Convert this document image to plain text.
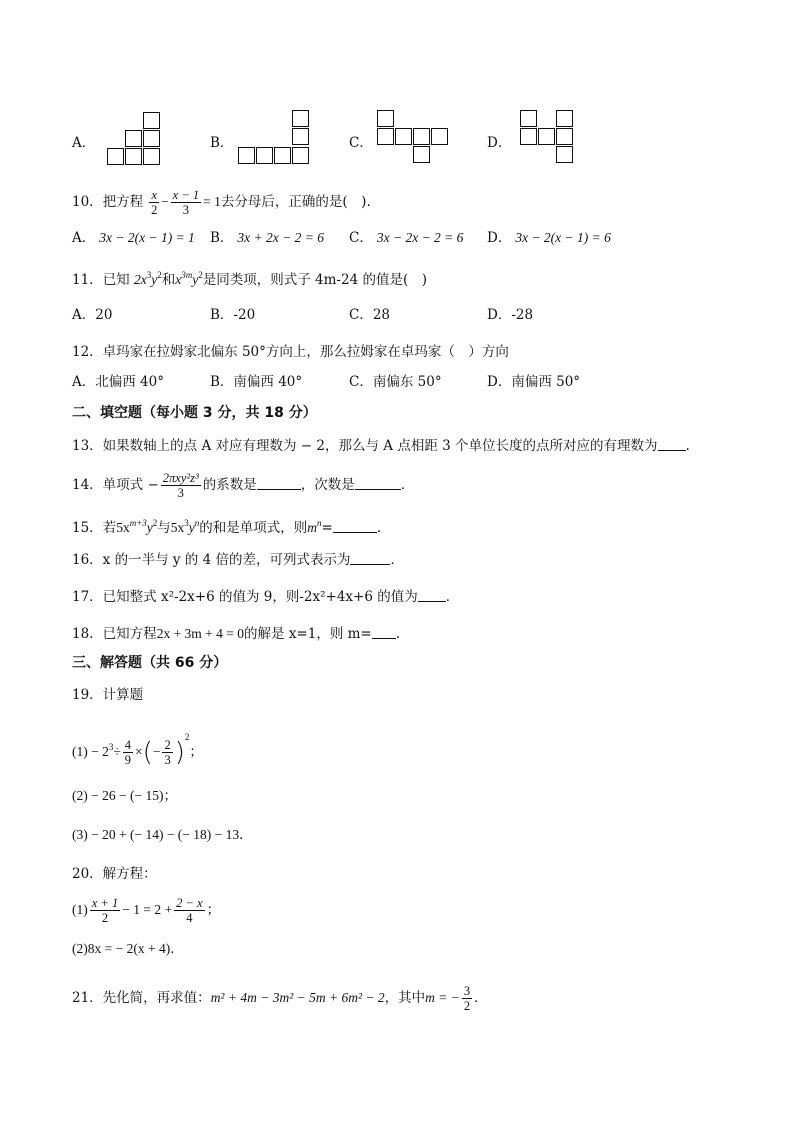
A．	B．	C．	D．
10．把方程 $\frac{x}{2} - \frac{x - 1}{3} = 1$去分母后，正确的是(　).
A． 3x − 2(x − 1) = 1 B． 3x + 2x − 2 = 6 C． 3x − 2x − 2 = 6 D． 3x − 2(x − 1) = 6
11．已知 $2x^3y^2$和$x^{3m}y^2$是同类项，则式子 4m-24 的值是(　)
A．20	B．-20	C．28	D．-28
12．卓玛家在拉姆家北偏东 50°方向上，那么拉姆家在卓玛家（　）方向
A．北偏西 40°	B．南偏西 40°	C．南偏东 50°	D．南偏西 50°
二、填空题（每小题 3 分，共 18 分）
13．如果数轴上的点 A 对应有理数为 − 2，那么与 A 点相距 3 个单位长度的点所对应的有理数为 .
14．单项式 − $\frac{\text{2πxy²z³}}{3}$ 的系数是	，次数是	．
15．若$5x^{m+3}y^2$与$5x^3y^n$的和是单项式，则$m^n=$	．
16．x 的一半与 y 的 4 倍的差，可列式表示为	．
17．已知整式 x²-2x+6 的值为 9，则-2x²+4x+6 的值为 ．
18．已知方程2x + 3m + 4 = 0的解是 x=1，则 m= .
三、解答题（共 66 分）
19．计算题
$(1) - 2^3\div \frac{4}{9}$ ×(− $\frac{2}{3} )^2$；
(2) − 26 − (− 15)；
(3) − 20 + (− 14) − (− 18) − 13．
20．解方程：
$(1) \frac{x + 1}{2} - 1 = 2 + \frac{2 - x}{4}$ ；
(2)8x = − 2(x + 4)．
21．先化简，再求值：m² + 4m − 3m² − 5m + 6m² − 2，其中m = − $\frac{3}{2}$ ．
